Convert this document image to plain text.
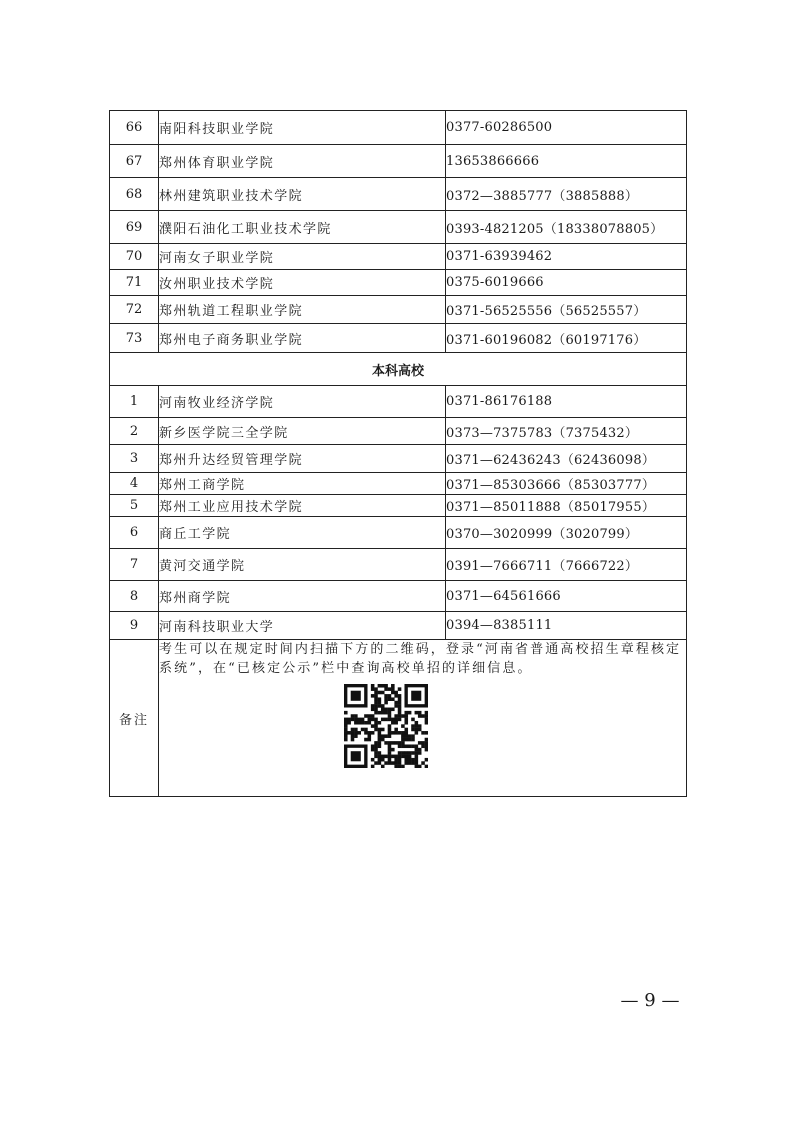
66	南阳科技职业学院	0377-60286500
67	郑州体育职业学院	13653866666
68	林州建筑职业技术学院	0372—3885777（3885888）
69	濮阳石油化工职业技术学院	0393-4821205（18338078805）
70	河南女子职业学院	0371-63939462
71	汝州职业技术学院	0375-6019666
72	郑州轨道工程职业学院	0371-56525556（56525557）
73	郑州电子商务职业学院	0371-60196082（60197176）
本科高校		
1	河南牧业经济学院	0371-86176188
2	新乡医学院三全学院	0373—7375783（7375432）
3	郑州升达经贸管理学院	0371—62436243（62436098）
4	郑州工商学院	0371—85303666（85303777）
5	郑州工业应用技术学院	0371—85011888（85017955）
6	商丘工学院	0370—3020999（3020799）
7	黄河交通学院	0391—7666711（7666722）
8	郑州商学院	0371—64561666
9	河南科技职业大学	0394—8385111
备注	考生可以在规定时间内扫描下方的二维码，登录“河南省普通高校招生章程核定系统”，在“已核定公示”栏中查询高校单招的详细信息。	
— 9 —
